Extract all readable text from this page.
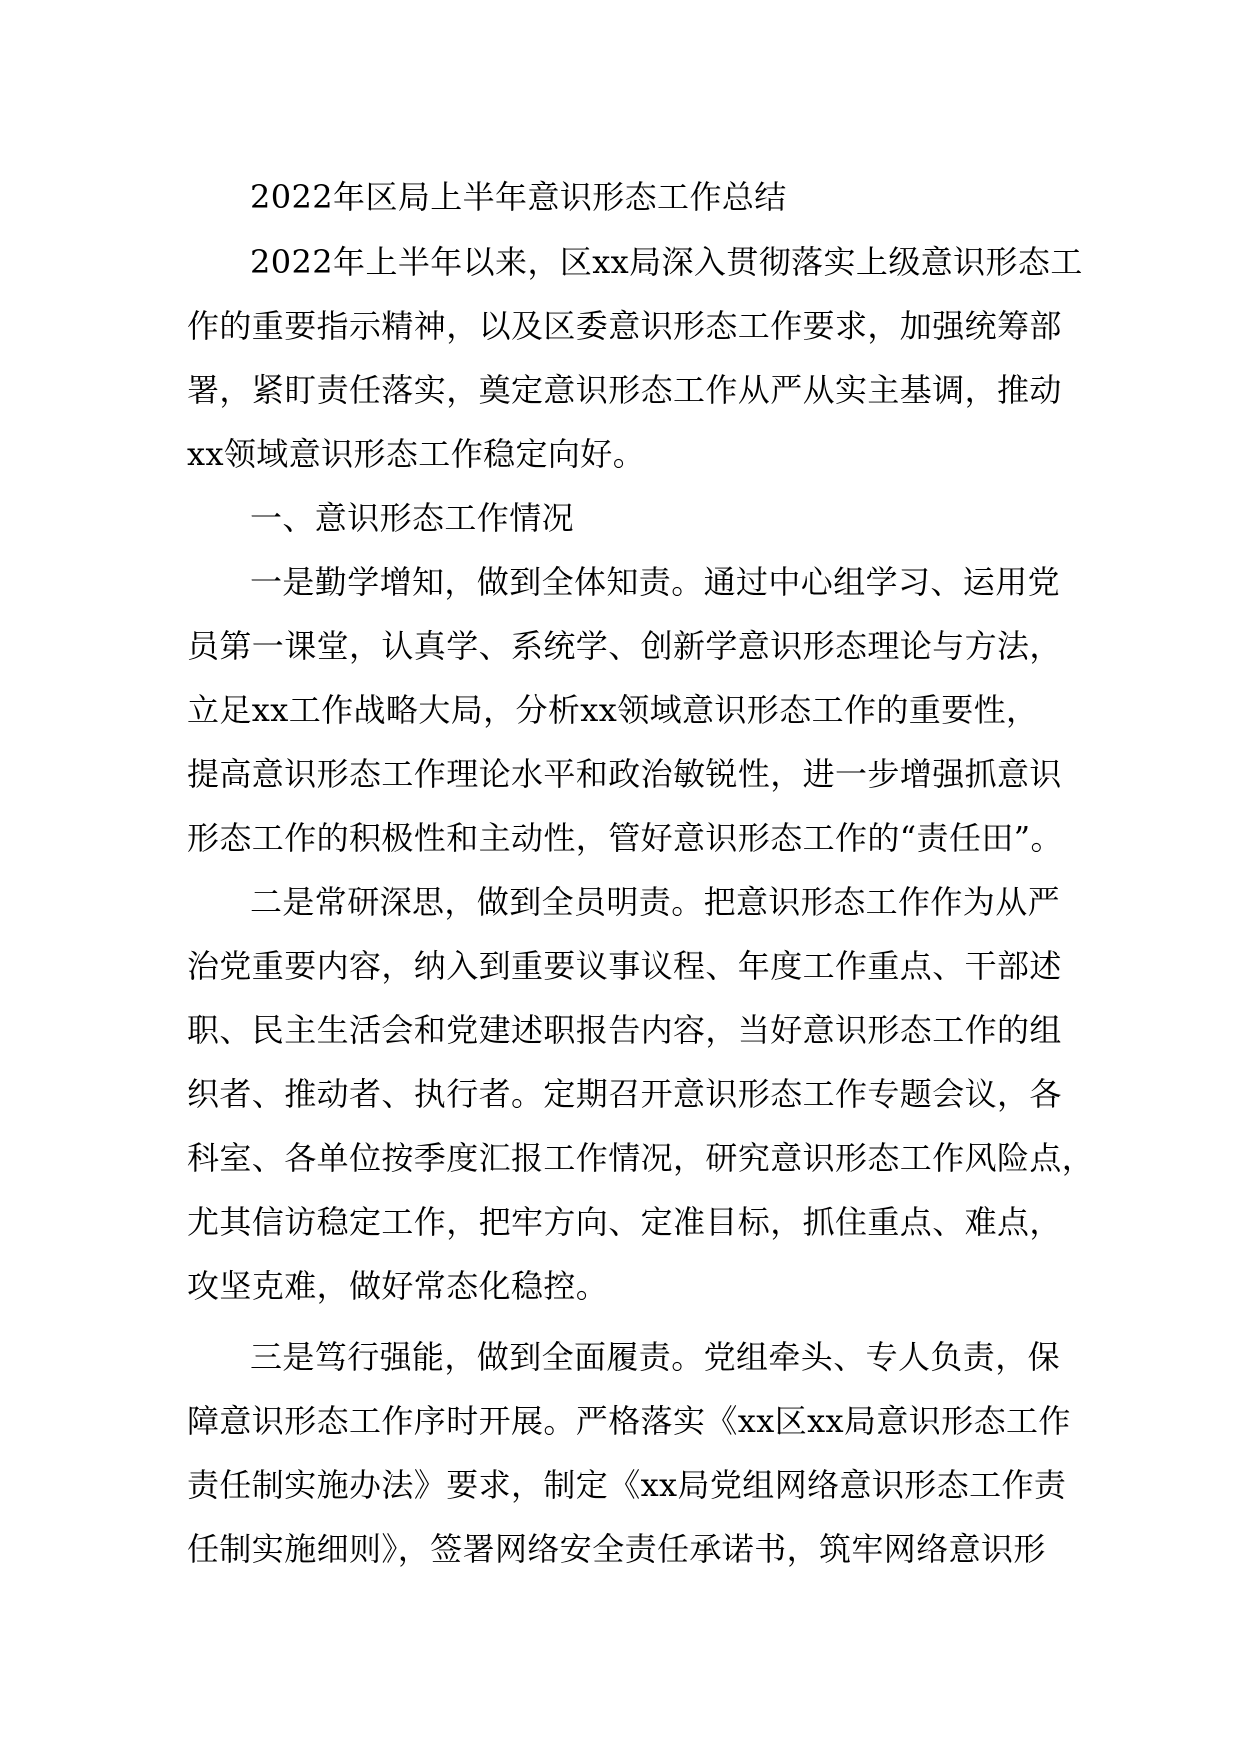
2022年区局上半年意识形态工作总结

2022年上半年以来，区xx局深入贯彻落实上级意识形态工

作的重要指示精神，以及区委意识形态工作要求，加强统筹部

署，紧盯责任落实，奠定意识形态工作从严从实主基调，推动

xx领域意识形态工作稳定向好。

一、意识形态工作情况

一是勤学增知，做到全体知责。通过中心组学习、运用党

员第一课堂，认真学、系统学、创新学意识形态理论与方法，

立足xx工作战略大局，分析xx领域意识形态工作的重要性，

提高意识形态工作理论水平和政治敏锐性，进一步增强抓意识

形态工作的积极性和主动性，管好意识形态工作的“责任田”。

二是常研深思，做到全员明责。把意识形态工作作为从严

治党重要内容，纳入到重要议事议程、年度工作重点、干部述

职、民主生活会和党建述职报告内容，当好意识形态工作的组

织者、推动者、执行者。定期召开意识形态工作专题会议，各

科室、各单位按季度汇报工作情况，研究意识形态工作风险点，

尤其信访稳定工作，把牢方向、定准目标，抓住重点、难点，

攻坚克难，做好常态化稳控。

三是笃行强能，做到全面履责。党组牵头、专人负责，保

障意识形态工作序时开展。严格落实《xx区xx局意识形态工作

责任制实施办法》要求，制定《xx局党组网络意识形态工作责

任制实施细则》，签署网络安全责任承诺书，筑牢网络意识形
